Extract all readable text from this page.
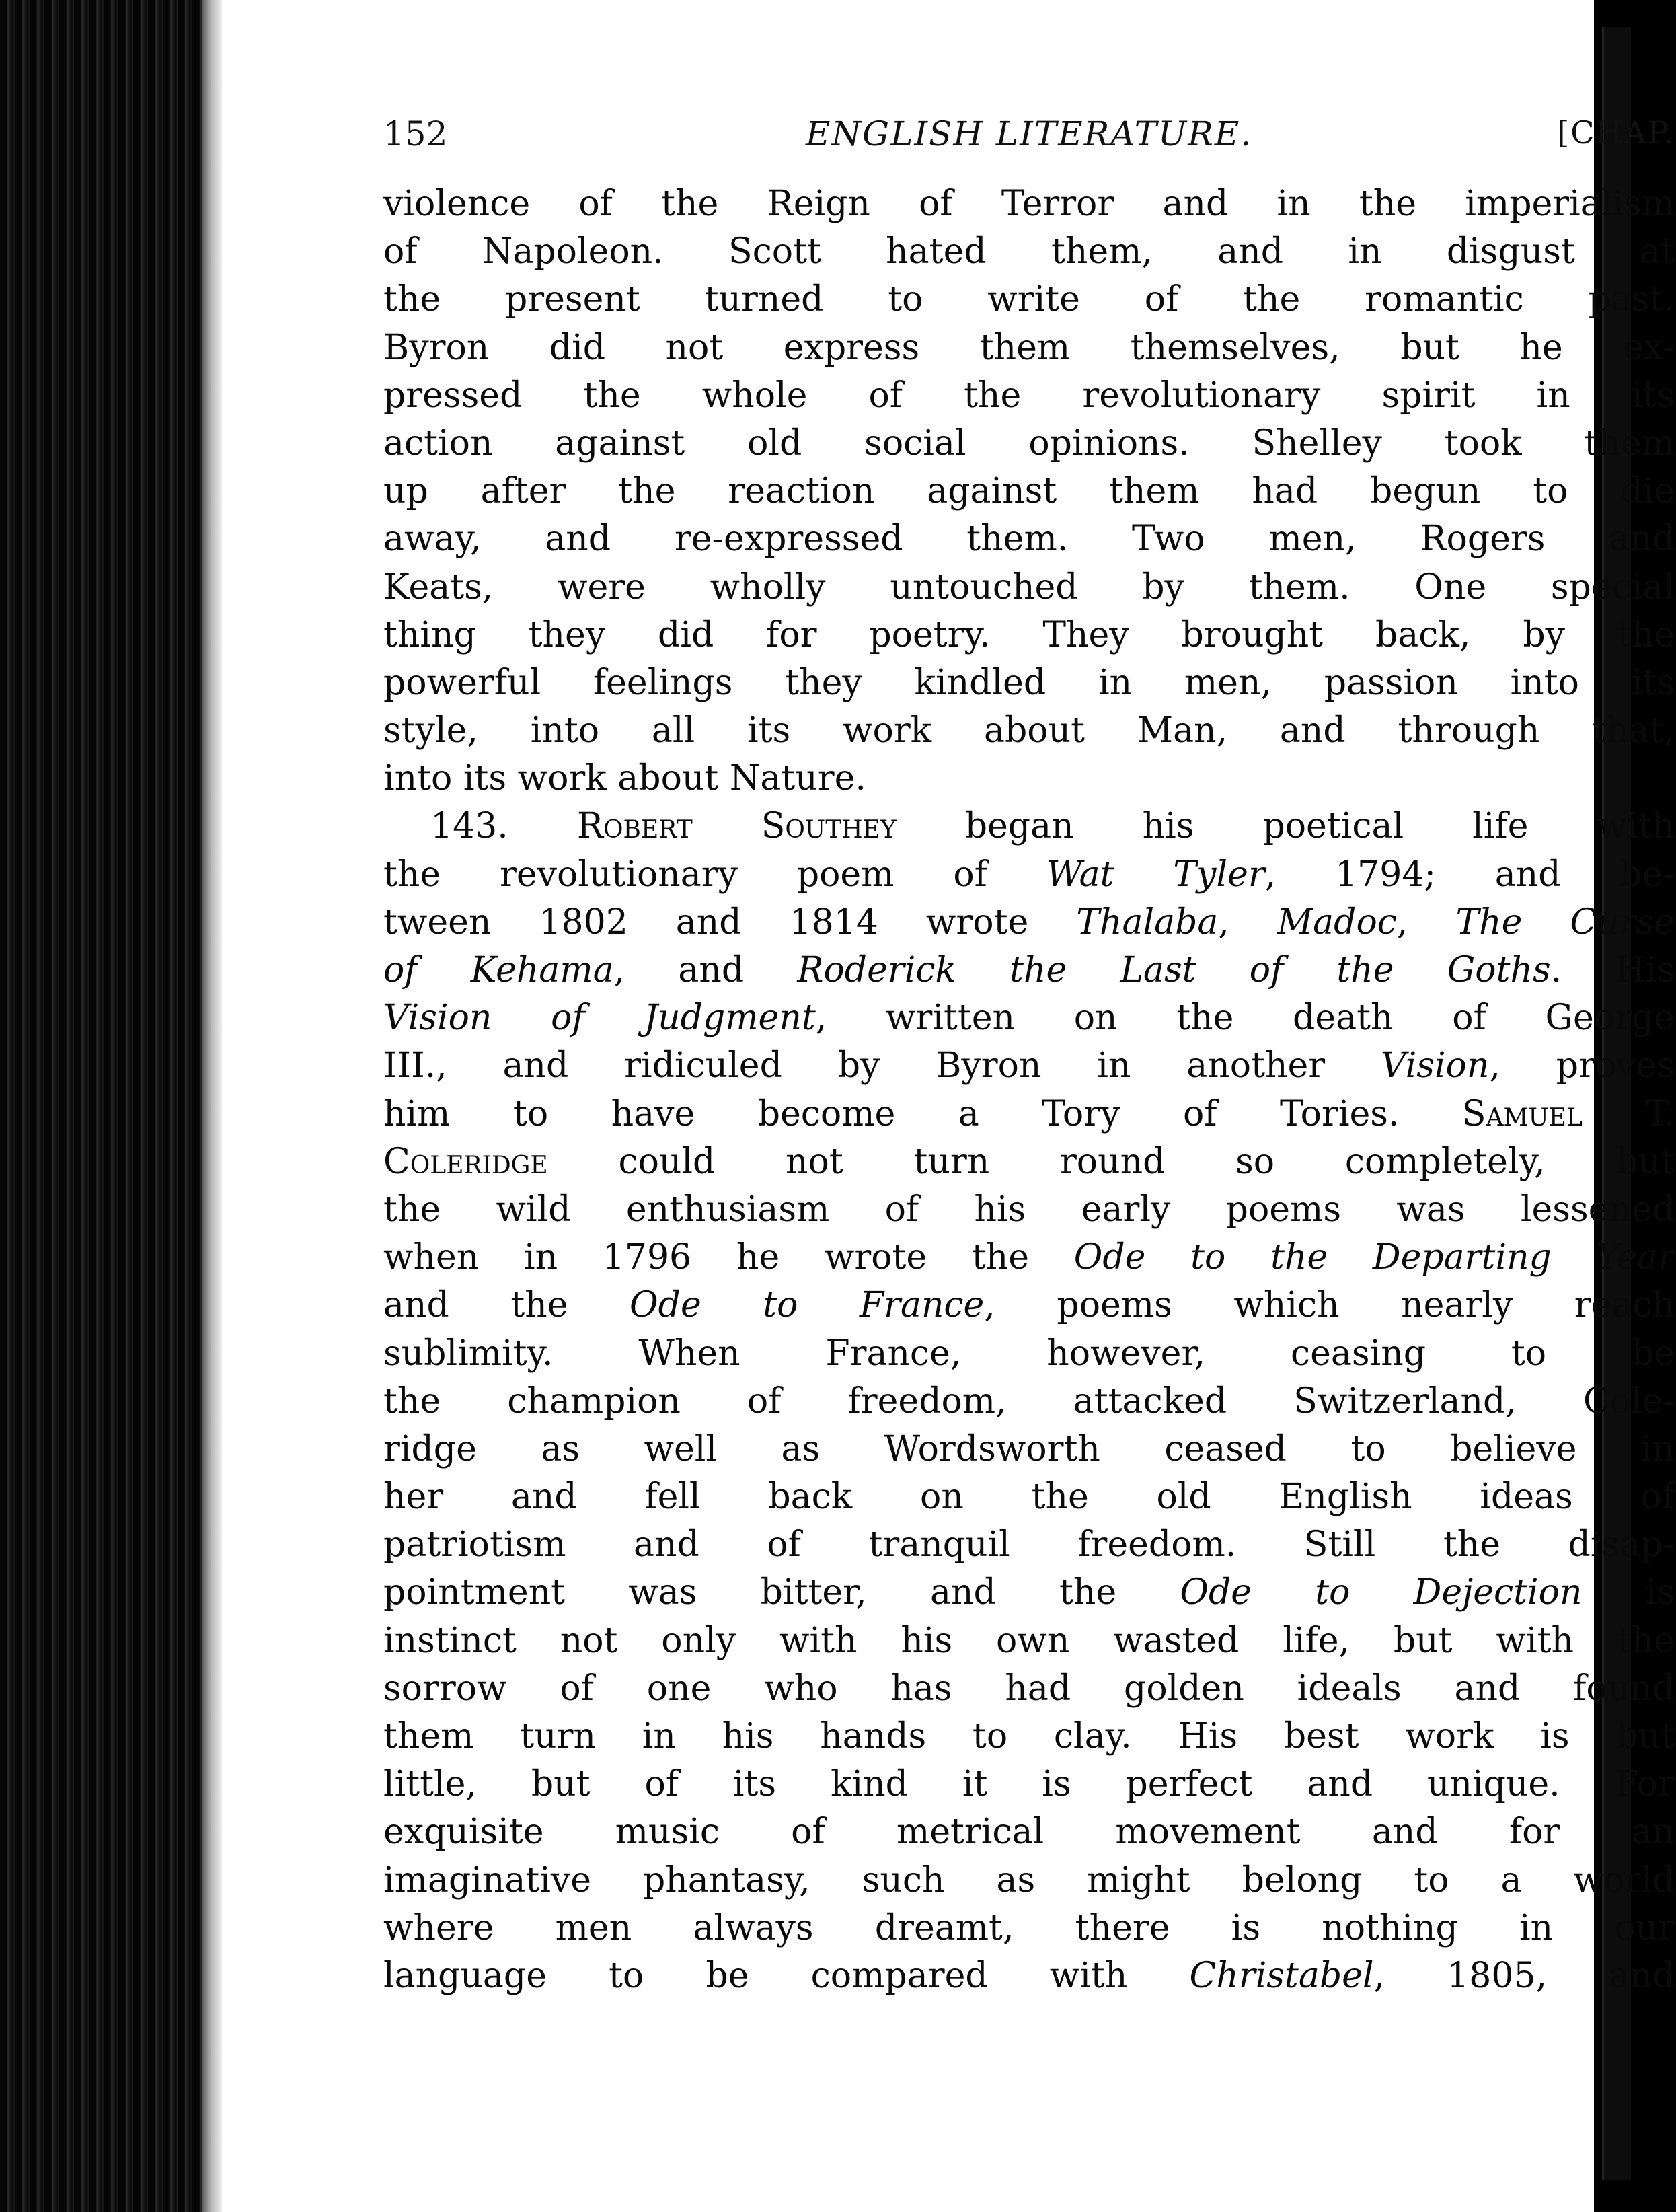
152	ENGLISH LITERATURE.	[CHAP.
violence of the Reign of Terror and in the imperialism
of Napoleon. Scott hated them, and in disgust at
the present turned to write of the romantic past.
Byron did not express them themselves, but he ex-
pressed the whole of the revolutionary spirit in its
action against old social opinions. Shelley took them
up after the reaction against them had begun to die
away, and re-expressed them. Two men, Rogers and
Keats, were wholly untouched by them. One special
thing they did for poetry. They brought back, by the
powerful feelings they kindled in men, passion into its
style, into all its work about Man, and through that,
into its work about Nature.
143. Robert Southey began his poetical life with
the revolutionary poem of Wat Tyler, 1794; and be-
tween 1802 and 1814 wrote Thalaba, Madoc, The Curse
of Kehama, and Roderick the Last of the Goths. His
Vision of Judgment, written on the death of George
III., and ridiculed by Byron in another Vision, proves
him to have become a Tory of Tories. Samuel T.
Coleridge could not turn round so completely, but
the wild enthusiasm of his early poems was lessened
when in 1796 he wrote the Ode to the Departing Year
and the Ode to France, poems which nearly reach
sublimity. When France, however, ceasing to be
the champion of freedom, attacked Switzerland, Cole-
ridge as well as Wordsworth ceased to believe in
her and fell back on the old English ideas of
patriotism and of tranquil freedom. Still the disap-
pointment was bitter, and the Ode to Dejection is
instinct not only with his own wasted life, but with the
sorrow of one who has had golden ideals and found
them turn in his hands to clay. His best work is but
little, but of its kind it is perfect and unique. For
exquisite music of metrical movement and for an
imaginative phantasy, such as might belong to a world
where men always dreamt, there is nothing in our
language to be compared with Christabel, 1805, and
